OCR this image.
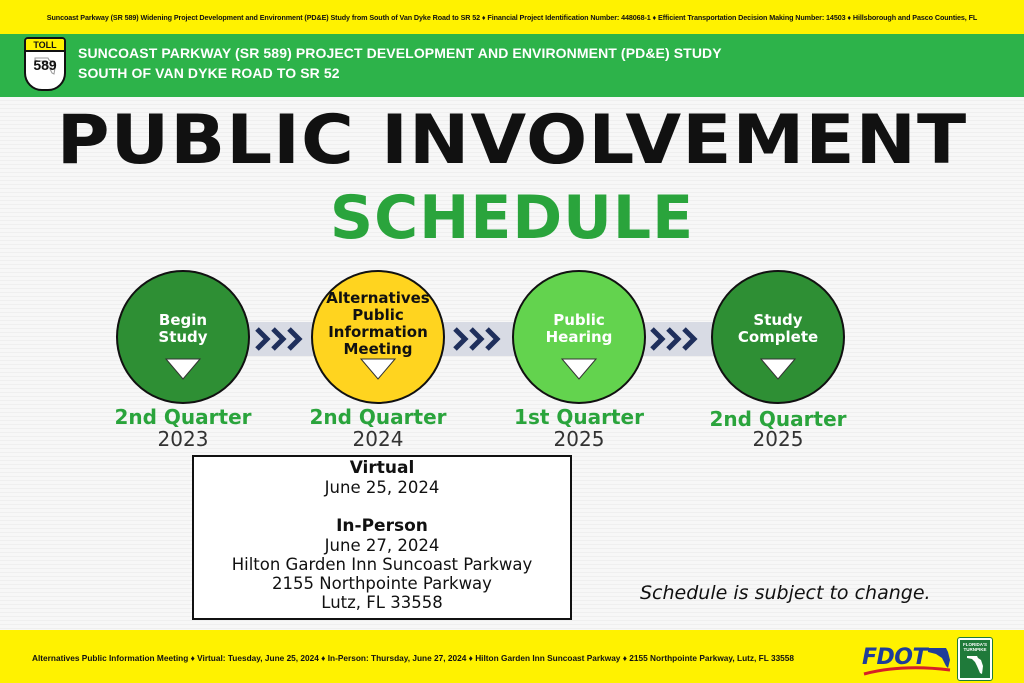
Suncoast Parkway (SR 589) Widening Project Development and Environment (PD&E) Study from South of Van Dyke Road to SR 52 ♦ Financial Project Identification Number: 448068-1 ♦ Efficient Transportation Decision Making Number: 14503 ♦ Hillsborough and Pasco Counties, FL
TOLL
589
SUNCOAST PARKWAY (SR 589) PROJECT DEVELOPMENT AND ENVIRONMENT (PD&E) STUDY
SOUTH OF VAN DYKE ROAD TO SR 52
PUBLIC INVOLVEMENT
SCHEDULE
Begin
Study
2nd Quarter
2023
Alternatives
Public
Information
Meeting
2nd Quarter
2024
Public
Hearing
1st Quarter
2025
Study
Complete
2nd Quarter
2025
Virtual
June 25, 2024
In-Person
June 27, 2024
Hilton Garden Inn Suncoast Parkway
2155 Northpointe Parkway
Lutz, FL 33558	Schedule is subject to change.
Alternatives Public Information Meeting ♦ Virtual: Tuesday, June 25, 2024 ♦ In-Person: Thursday, June 27, 2024 ♦ Hilton Garden Inn Suncoast Parkway ♦ 2155 Northpointe Parkway, Lutz, FL 33558	FDOT
FLORIDA'S TURNPIKE
